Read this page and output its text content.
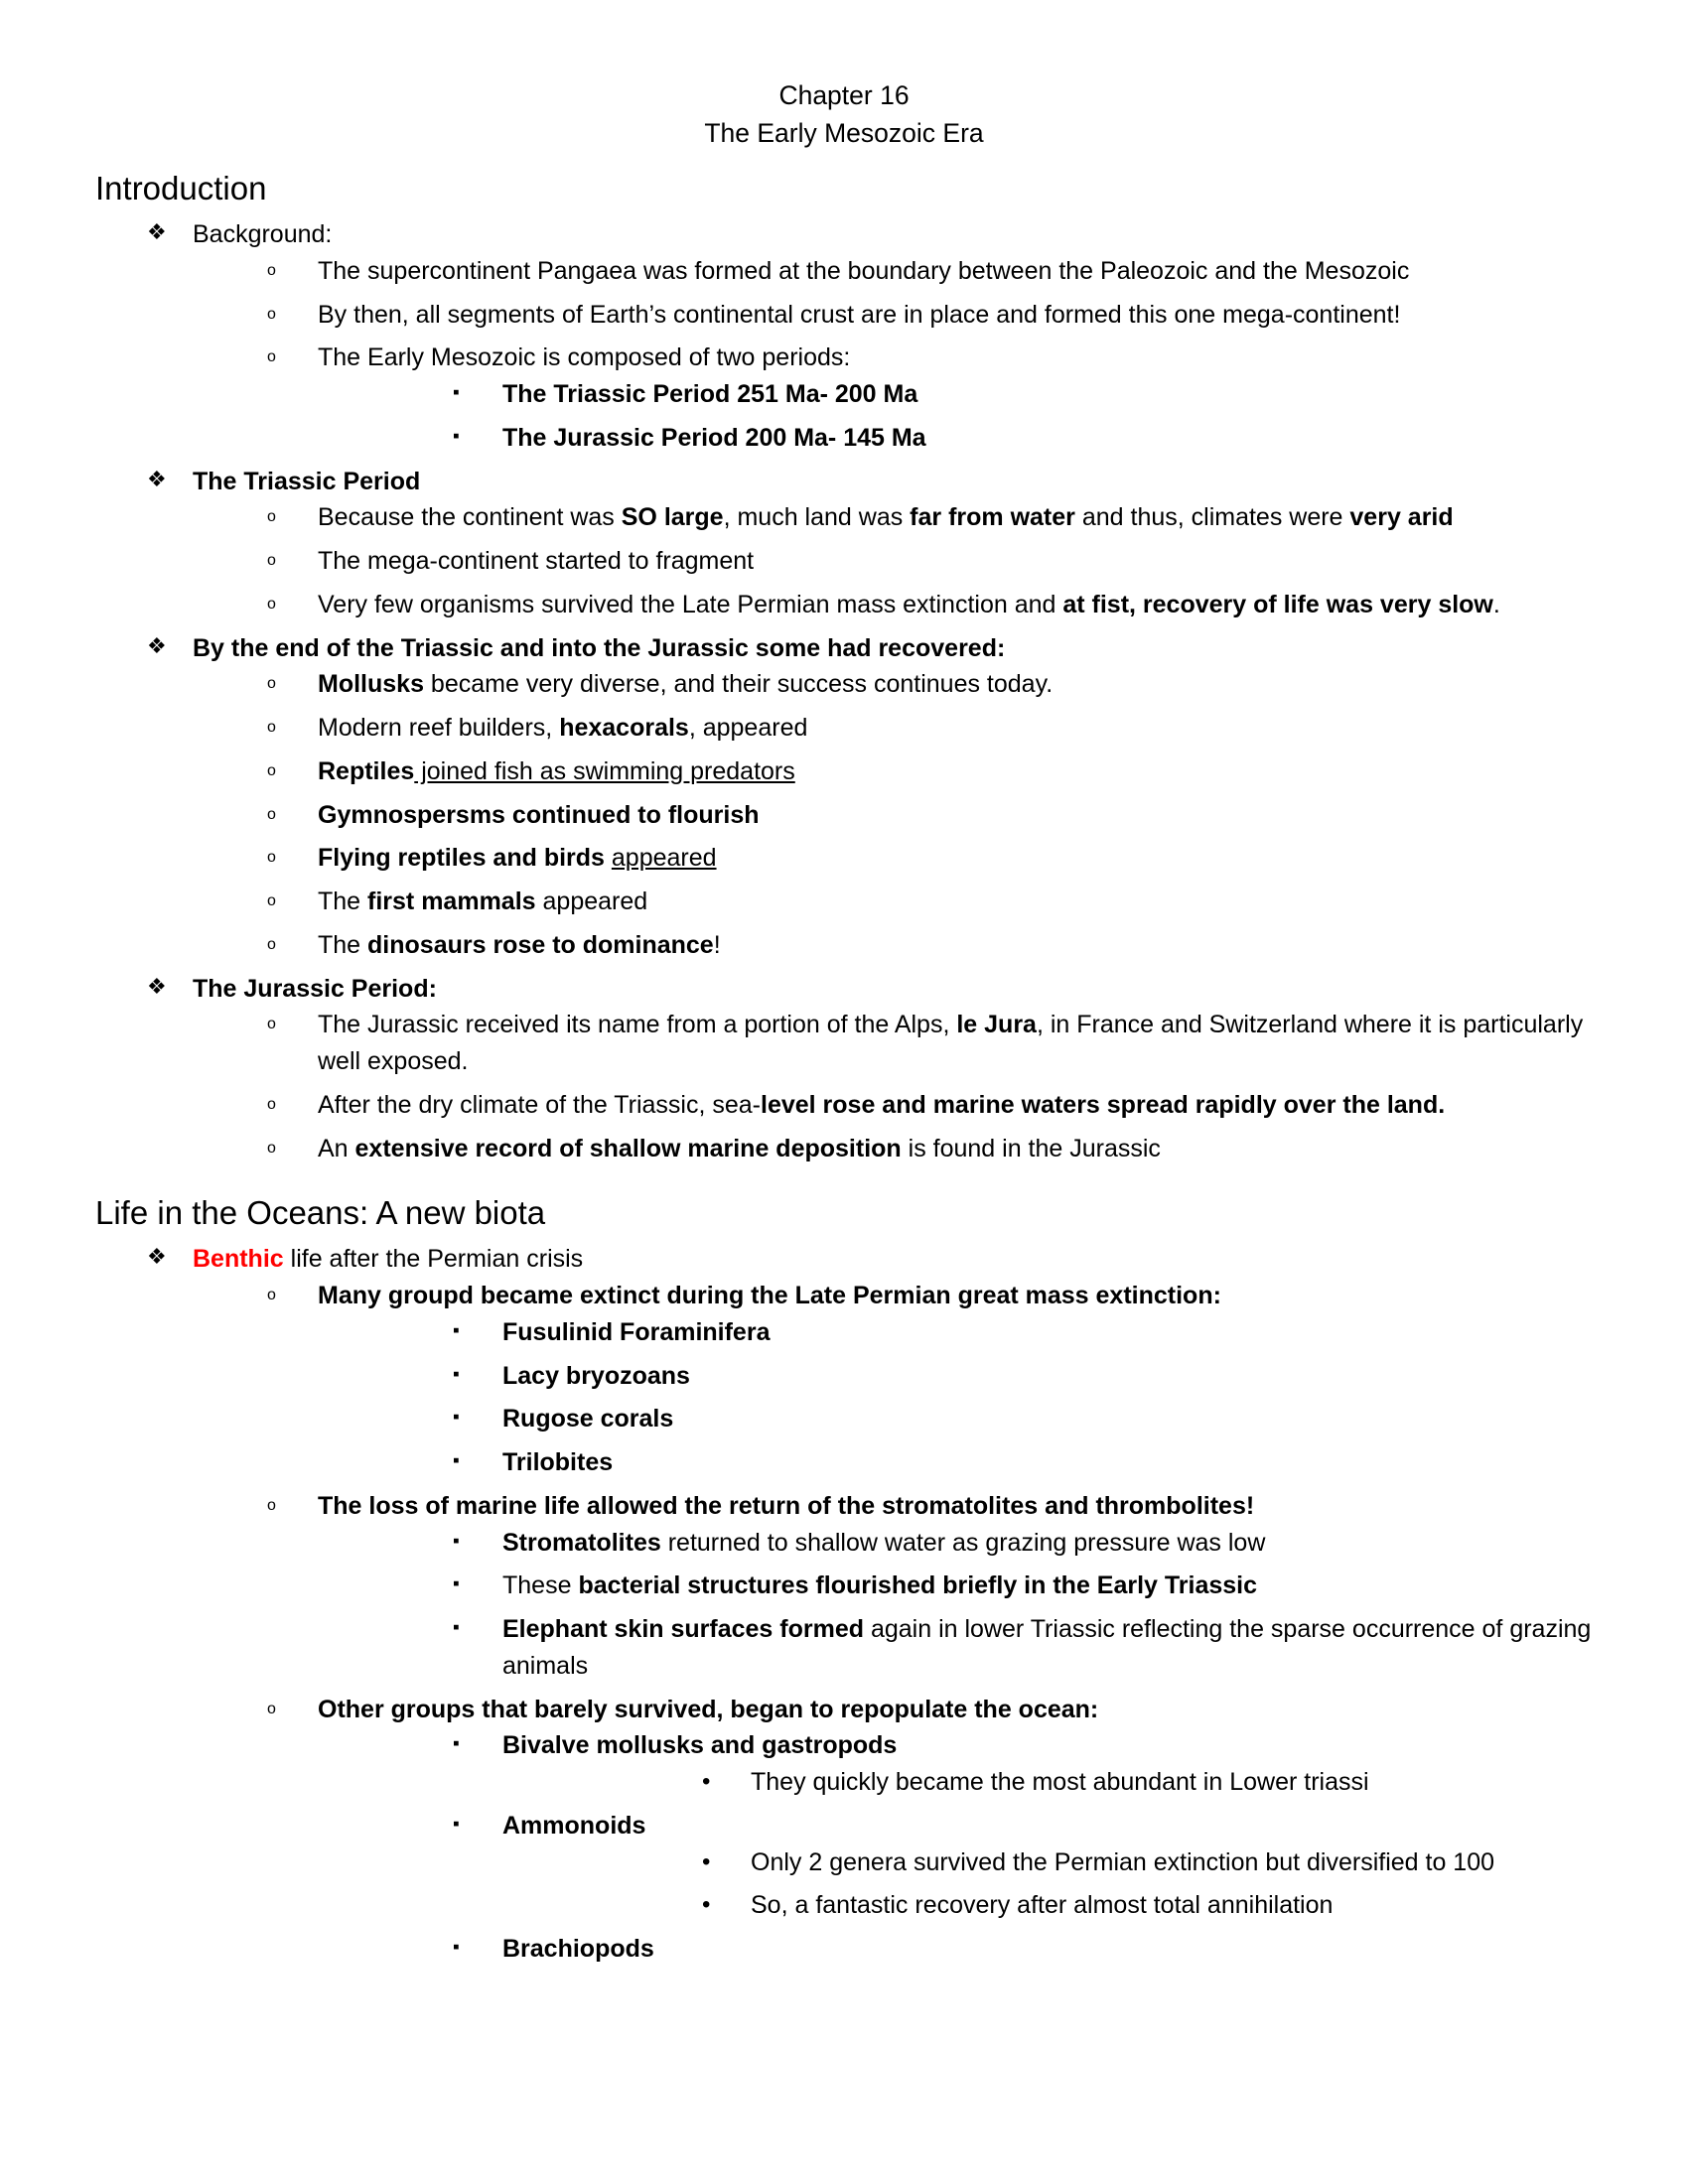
Chapter 16
The Early Mesozoic Era
Introduction
❖	Background:
o	The supercontinent Pangaea was formed at the boundary between the Paleozoic and the Mesozoic
o	By then, all segments of Earth’s continental crust are in place and formed this one mega-continent!
o	The Early Mesozoic is composed of two periods:
▪	The Triassic Period 251 Ma- 200 Ma
▪	The Jurassic Period 200 Ma- 145 Ma
❖	The Triassic Period
o	Because the continent was SO large, much land was far from water and thus, climates were very arid
o	The mega-continent started to fragment
o	Very few organisms survived the Late Permian mass extinction and at fist, recovery of life was very slow.
❖	By the end of the Triassic and into the Jurassic some had recovered:
o	Mollusks became very diverse, and their success continues today.
o	Modern reef builders, hexacorals, appeared
o	Reptiles joined fish as swimming predators
o	Gymnospersms continued to flourish
o	Flying reptiles and birds appeared
o	The first mammals appeared
o	The dinosaurs rose to dominance!
❖	The Jurassic Period:
o	The Jurassic received its name from a portion of the Alps, le Jura, in France and Switzerland where it is particularly well exposed.
o	After the dry climate of the Triassic, sea-level rose and marine waters spread rapidly over the land.
o	An extensive record of shallow marine deposition is found in the Jurassic
Life in the Oceans: A new biota
❖	Benthic life after the Permian crisis
o	Many groupd became extinct during the Late Permian great mass extinction:
▪	Fusulinid Foraminifera
▪	Lacy bryozoans
▪	Rugose corals
▪	Trilobites
o	The loss of marine life allowed the return of the stromatolites and thrombolites!
▪	Stromatolites returned to shallow water as grazing pressure was low
▪	These bacterial structures flourished briefly in the Early Triassic
▪	Elephant skin surfaces formed again in lower Triassic reflecting the sparse occurrence of grazing animals
o	Other groups that barely survived, began to repopulate the ocean:
▪	Bivalve mollusks and gastropods
•	They quickly became the most abundant in Lower triassi
▪	Ammonoids
•	Only 2 genera survived the Permian extinction but diversified to 100
•	So, a fantastic recovery after almost total annihilation
▪	Brachiopods
